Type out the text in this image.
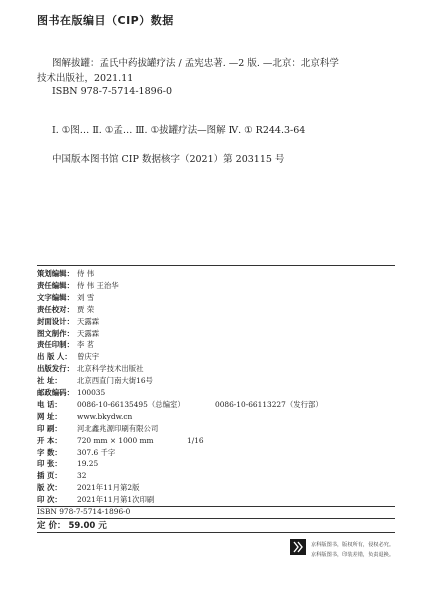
图书在版编目（CIP）数据
图解拔罐：孟氏中药拔罐疗法 / 孟宪忠著. —2 版. —北京：北京科学
技术出版社，2021.11
ISBN 978-7-5714-1896-0
Ⅰ. ①图… Ⅱ. ①孟… Ⅲ. ①拔罐疗法—图解 Ⅳ. ① R244.3-64
中国版本图书馆 CIP 数据核字（2021）第 203115 号
策划编辑： 侍 伟
责任编辑： 侍 伟 王治华
文字编辑： 刘 雪
责任校对： 贾 荣
封面设计： 天露霖
图文制作： 天露霖
责任印制： 李 茗
出 版 人： 曾庆宇
出版发行： 北京科学技术出版社
社 址： 北京西直门南大街16号
邮政编码： 100035
电 话： 0086-10-66135495（总编室）	0086-10-66113227（发行部）
网 址： www.bkydw.cn
印 刷： 河北鑫兆源印刷有限公司
开 本： 720 mm × 1000 mm	1/16
字 数： 307.6 千字
印 张： 19.25
插 页： 32
版 次： 2021年11月第2版
印 次： 2021年11月第1次印刷
ISBN 978-7-5714-1896-0
定 价： 59.00 元
京科版图书，版权所有，侵权必究。
京科版图书，印装差错，负责退换。
